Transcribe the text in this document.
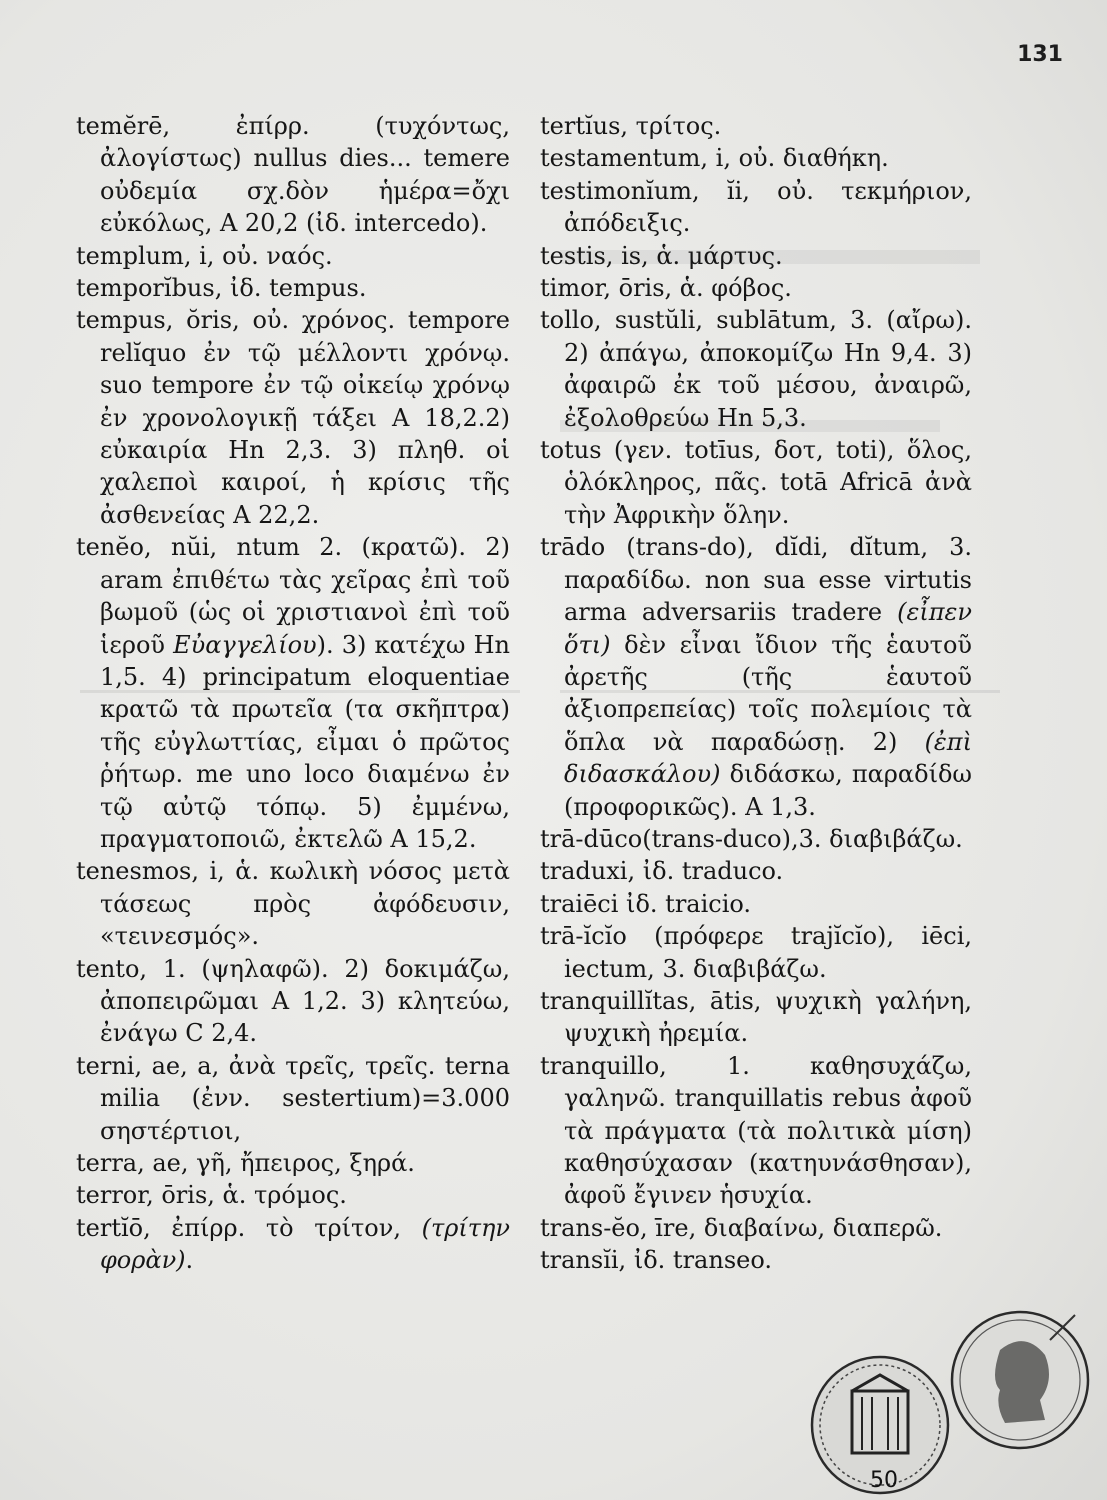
131

temĕrē, ἐπίρρ. (τυχόντως, ἀλογίστως) nullus dies... temere οὐδεμία σχ.δὸν ἡμέρα=ὄχι εὐκόλως, A 20,2 (ἰδ. intercedo).

templum, i, οὐ. ναός.

temporĭbus, ἰδ. tempus.

tempus, ŏris, οὐ. χρόνος. tempore relĭquo ἐν τῷ μέλλοντι χρόνῳ. suo tempore ἐν τῷ οἰκείῳ χρόνῳ ἐν χρονολογικῇ τάξει A 18,2.2) εὐκαιρία Hn 2,3. 3) πληθ. οἱ χαλεποὶ καιροί, ἡ κρίσις τῆς ἀσθενείας A 22,2.

tenĕo, nŭi, ntum 2. (κρατῶ). 2) aram ἐπιθέτω τὰς χεῖρας ἐπὶ τοῦ βωμοῦ (ὡς οἱ χριστιανοὶ ἐπὶ τοῦ ἱεροῦ Εὐαγγελίου). 3) κατέχω Hn 1,5. 4) principatum eloquentiae κρατῶ τὰ πρωτεῖα (τα σκῆπτρα) τῆς εὐγλωττίας, εἶμαι ὁ πρῶτος ῥήτωρ. me uno loco διαμένω ἐν τῷ αὐτῷ τόπῳ. 5) ἐμμένω, πραγματοποιῶ, ἐκτελῶ A 15,2.

tenesmos, i, ἁ. κωλικὴ νόσος μετὰ τάσεως πρὸς ἀφόδευσιν, «τεινεσμός».

tento, 1. (ψηλαφῶ). 2) δοκιμάζω, ἀποπειρῶμαι A 1,2. 3) κλητεύω, ἐνάγω C 2,4.

terni, ae, a, ἀνὰ τρεῖς, τρεῖς. terna milia (ἐνν. sestertium)=3.000 σηστέρτιοι,

terra, ae, γῆ, ἤπειρος, ξηρά.

terror, ōris, ἁ. τρόμος.

tertĭō, ἐπίρρ. τὸ τρίτον, (τρίτην φορὰν).

tertĭus, τρίτος.

testamentum, i, οὐ. διαθήκη.

testimonĭum, ĭi, οὐ. τεκμήριον, ἀπόδειξις.

testis, is, ἁ. μάρτυς.

timor, ōris, ἁ. φόβος.

tollo, sustŭli, sublātum, 3. (αἴρω). 2) ἀπάγω, ἀποκομίζω Hn 9,4. 3) ἀφαιρῶ ἐκ τοῦ μέσου, ἀναιρῶ, ἐξολοθρεύω Hn 5,3.

totus (γεν. totīus, δοτ, toti), ὅλος, ὁλόκληρος, πᾶς. totā Africā ἀνὰ τὴν Ἀφρικὴν ὅλην.

trādo (trans-do), dĭdi, dĭtum, 3. παραδίδω. non sua esse virtutis arma adversariis tradere (εἶπεν ὅτι) δὲν εἶναι ἴδιον τῆς ἑαυτοῦ ἀρετῆς (τῆς ἑαυτοῦ ἀξιοπρεπείας) τοῖς πολεμίοις τὰ ὅπλα νὰ παραδώσῃ. 2) (ἐπὶ διδασκάλου) διδάσκω, παραδίδω (προφορικῶς). A 1,3.

trā-dūco(trans-duco),3. διαβιβάζω.

traduxi, ἰδ. traduco.

traiēci ἰδ. traicio.

trā-ĭcĭo (πρόφερε trajĭcĭo), iēci, iectum, 3. διαβιβάζω.

tranquillĭtas, ātis, ψυχικὴ γαλήνη, ψυχικὴ ἠρεμία.

tranquillo, 1. καθησυχάζω, γαληνῶ. tranquillatis rebus ἀφοῦ τὰ πράγματα (τὰ πολιτικὰ μίση) καθησύχασαν (κατηυνάσθησαν), ἀφοῦ ἔγινεν ἡσυχία.

trans-ĕo, īre, διαβαίνω, διαπερῶ.

transĭi, ἰδ. transeo.

50
